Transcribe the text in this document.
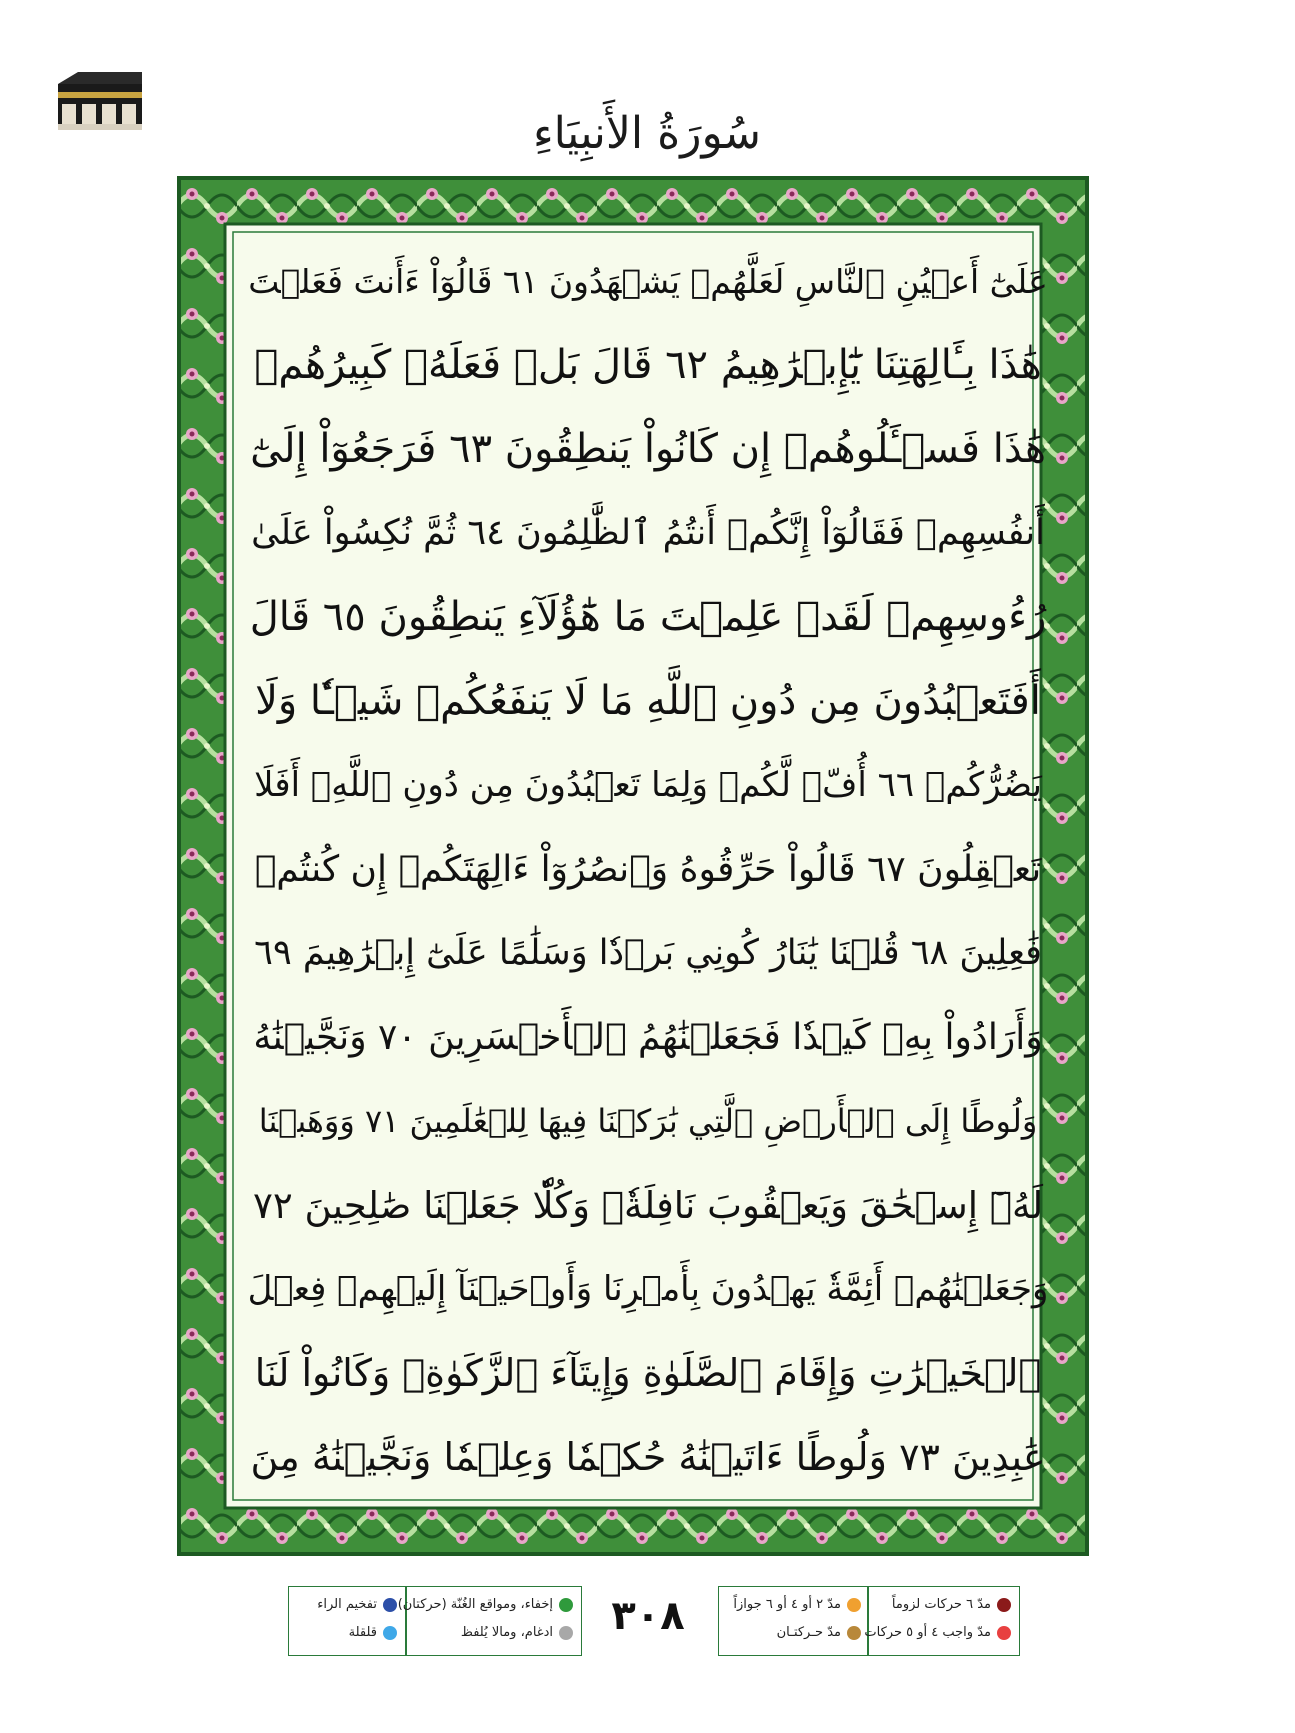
سُورَةُ الأَنبِيَاءِ
عَلَىٰٓ أَعۡيُنِ ٱلنَّاسِ لَعَلَّهُمۡ يَشۡهَدُونَ ٦١ قَالُوٓاْ ءَأَنتَ فَعَلۡتَ
هَٰذَا بِـَٔالِهَتِنَا يَٰٓإِبۡرَٰهِيمُ ٦٢ قَالَ بَلۡ فَعَلَهُۥ كَبِيرُهُمۡ
هَٰذَا فَسۡـَٔلُوهُمۡ إِن كَانُواْ يَنطِقُونَ ٦٣ فَرَجَعُوٓاْ إِلَىٰٓ
أَنفُسِهِمۡ فَقَالُوٓاْ إِنَّكُمۡ أَنتُمُ ٱلظَّٰلِمُونَ ٦٤ ثُمَّ نُكِسُواْ عَلَىٰ
رُءُوسِهِمۡ لَقَدۡ عَلِمۡتَ مَا هَٰٓؤُلَآءِ يَنطِقُونَ ٦٥ قَالَ
أَفَتَعۡبُدُونَ مِن دُونِ ٱللَّهِ مَا لَا يَنفَعُكُمۡ شَيۡـٔٗا وَلَا
يَضُرُّكُمۡ ٦٦ أُفّٖ لَّكُمۡ وَلِمَا تَعۡبُدُونَ مِن دُونِ ٱللَّهِۚ أَفَلَا
تَعۡقِلُونَ ٦٧ قَالُواْ حَرِّقُوهُ وَٱنصُرُوٓاْ ءَالِهَتَكُمۡ إِن كُنتُمۡ
فَٰعِلِينَ ٦٨ قُلۡنَا يَٰنَارُ كُونِي بَرۡدٗا وَسَلَٰمًا عَلَىٰٓ إِبۡرَٰهِيمَ ٦٩
وَأَرَادُواْ بِهِۦ كَيۡدٗا فَجَعَلۡنَٰهُمُ ٱلۡأَخۡسَرِينَ ٧٠ وَنَجَّيۡنَٰهُ
وَلُوطًا إِلَى ٱلۡأَرۡضِ ٱلَّتِي بَٰرَكۡنَا فِيهَا لِلۡعَٰلَمِينَ ٧١ وَوَهَبۡنَا
لَهُۥٓ إِسۡحَٰقَ وَيَعۡقُوبَ نَافِلَةٗۖ وَكُلّٗا جَعَلۡنَا صَٰلِحِينَ ٧٢
وَجَعَلۡنَٰهُمۡ أَئِمَّةٗ يَهۡدُونَ بِأَمۡرِنَا وَأَوۡحَيۡنَآ إِلَيۡهِمۡ فِعۡلَ
ٱلۡخَيۡرَٰتِ وَإِقَامَ ٱلصَّلَوٰةِ وَإِيتَآءَ ٱلزَّكَوٰةِۖ وَكَانُواْ لَنَا
عَٰبِدِينَ ٧٣ وَلُوطًا ءَاتَيۡنَٰهُ حُكۡمٗا وَعِلۡمٗا وَنَجَّيۡنَٰهُ مِنَ
مدّ ٦ حركات لزوماً
مدّ ٢ أو ٤ أو ٦ جوازاً
مدّ واجب ٤ أو ٥ حركات
مدّ حـركتـان
٣٠٨
إخفاء، ومواقع الغُنّة (حركتان)
ادغام، ومالا يُلفظ
تفخيم الراء
قلقلة
